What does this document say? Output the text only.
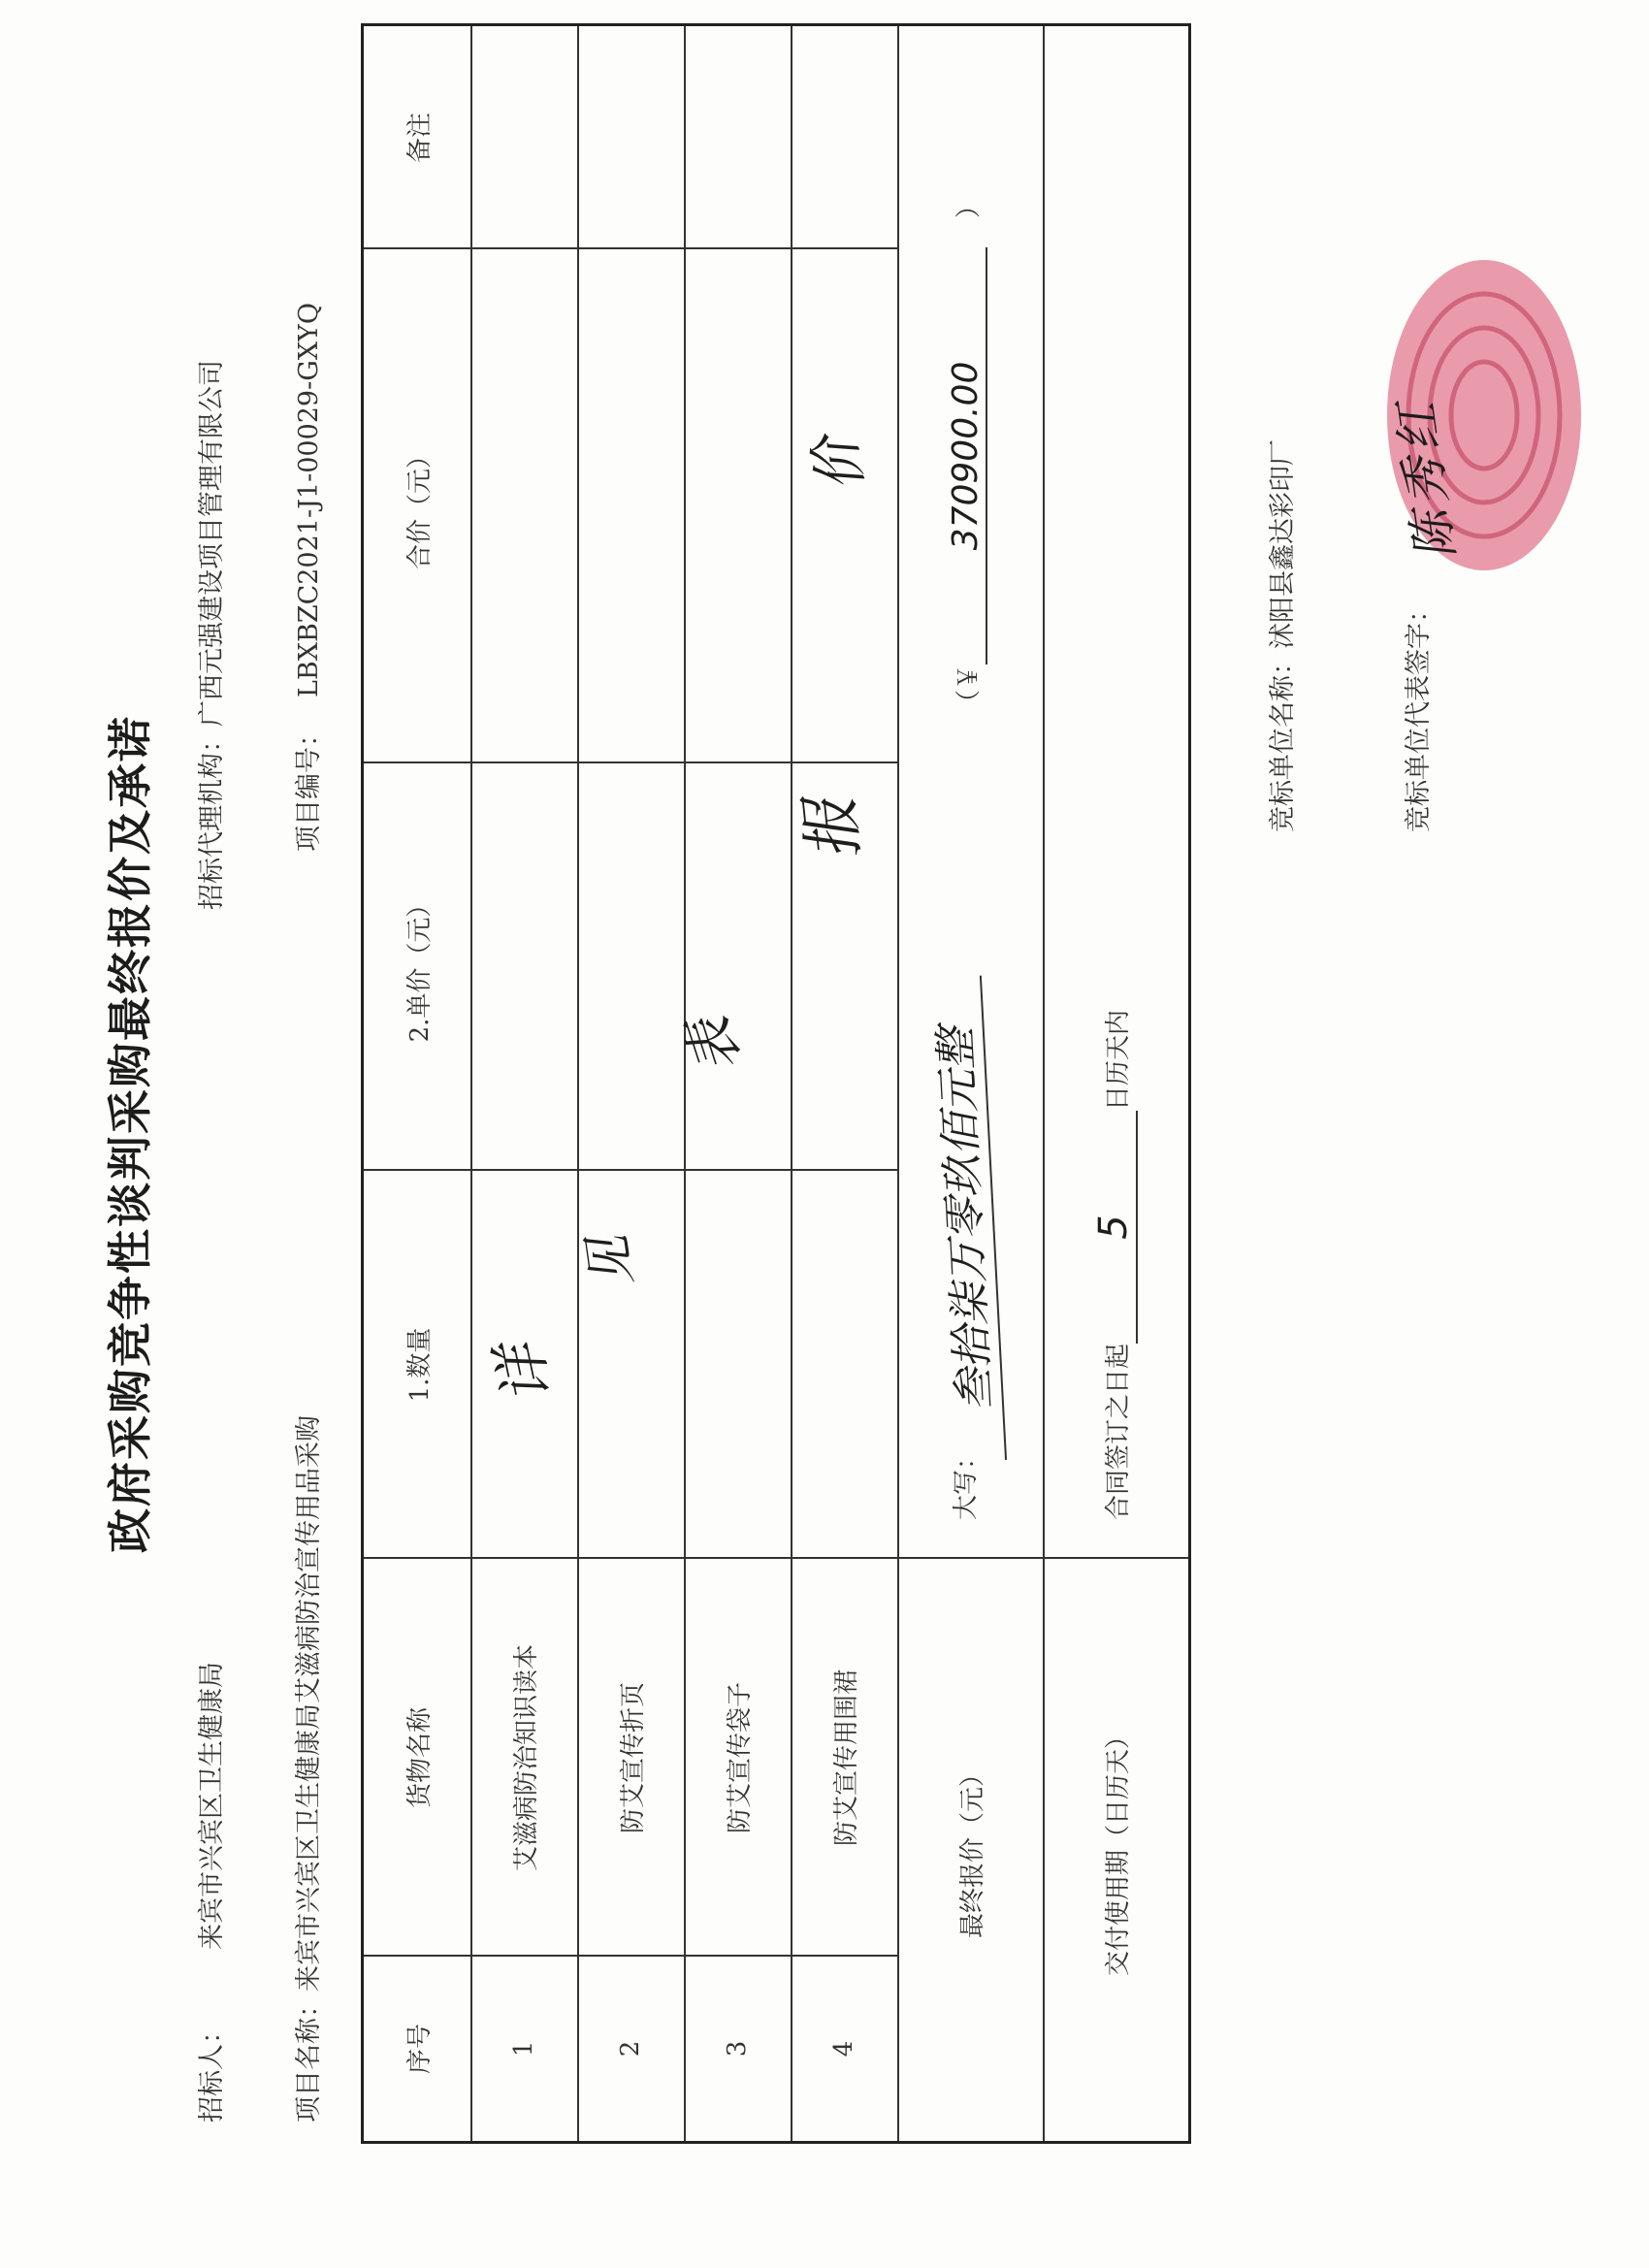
政府采购竞争性谈判采购最终报价及承诺
招标人：来宾市兴宾区卫生健康局
招标代理机构：广西元强建设项目管理有限公司
项目名称：来宾市兴宾区卫生健康局艾滋病防治宣传用品采购
项目编号：LBXBZC2021-J1-00029-GXYQ
序号
货物名称
1.数量
2.单价（元）
合价（元）
备注
1
艾滋病防治知识读本
2
防艾宣传折页
3
防艾宣传袋子
4
防艾宣传用围裙
详
见
表
报
价
最终报价（元）
大写：
叁拾柒万零玖佰元整
（￥370900.00）
交付使用期（日历天）
合同签订之日起5日历天内
竞标单位名称：沭阳县鑫达彩印厂
竞标单位代表签字：
陈秀红
